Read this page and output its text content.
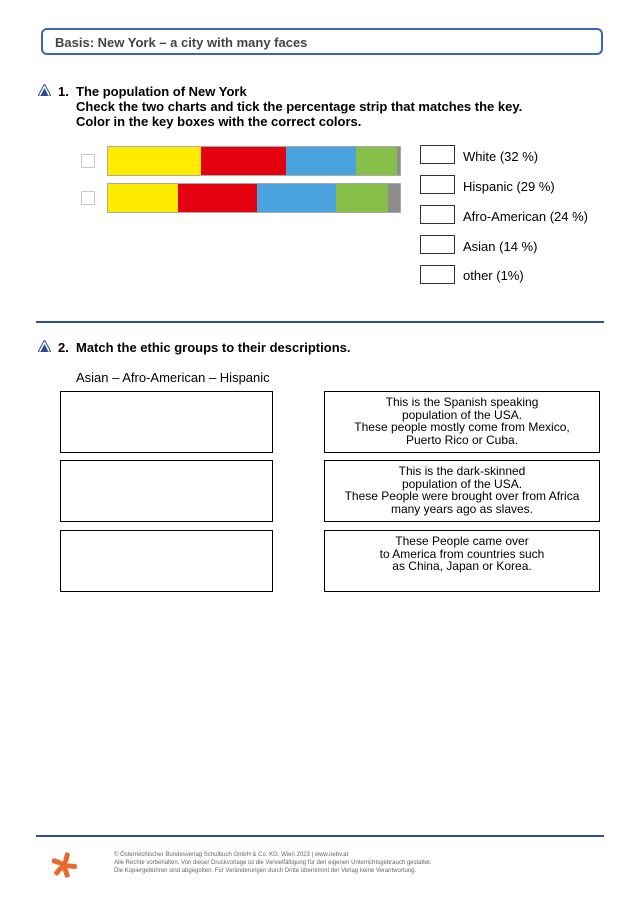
Basis: New York – a city with many faces
1. The population of New York
Check the two charts and tick the percentage strip that matches the key.
Color in the key boxes with the correct colors.
White (32 %)
Hispanic (29 %)
Afro-American (24 %)
Asian (14 %)
other (1%)
2. Match the ethic groups to their descriptions.
Asian – Afro-American – Hispanic
This is the Spanish speaking
population of the USA.
These people mostly come from Mexico,
Puerto Rico or Cuba.
This is the dark-skinned
population of the USA.
These People were brought over from Africa
many years ago as slaves.
These People came over
to America from countries such
as China, Japan or Korea.
© Österreichischer Bundesverlag Schulbuch GmbH & Co. KG, Wien 2023 | www.oebv.at
Alle Rechte vorbehalten. Von dieser Druckvorlage ist die Vervielfältigung für den eigenen Unterrichtsgebrauch gestattet.
Die Kopiergebühren sind abgegolten. Für Veränderungen durch Dritte übernimmt der Verlag keine Verantwortung.
